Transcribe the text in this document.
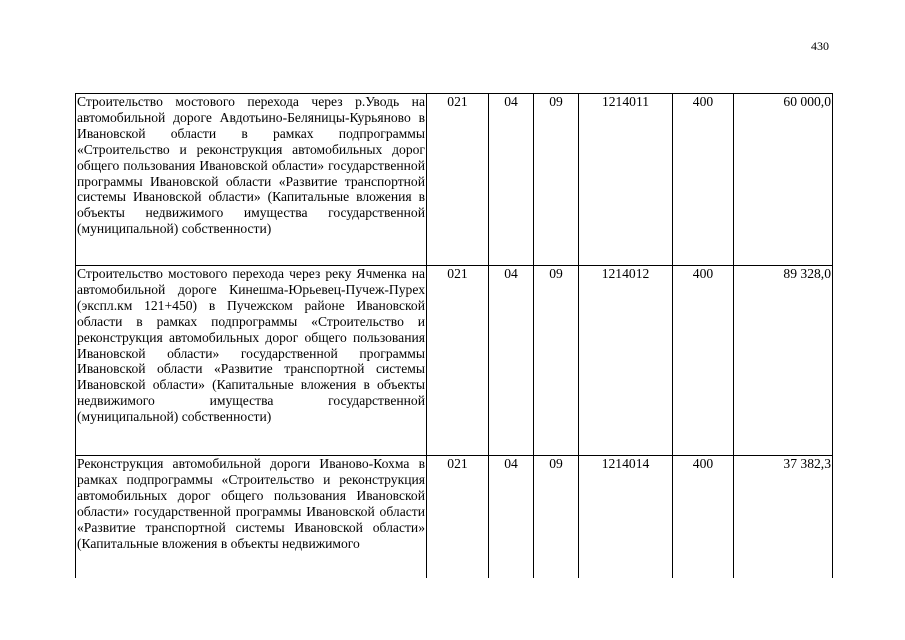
430
Строительство мостового перехода через р.Уводь на автомобильной дороге Авдотьино-Беляницы-Курьяново в Ивановской области в рамках подпрограммы «Строительство и реконструкция автомобильных дорог общего пользования Ивановской области» государственной программы Ивановской области «Развитие транспортной системы Ивановской области» (Капитальные вложения в объекты недвижимого имущества государственной (муниципальной) собственности)	021	04	09	1214011	400	60 000,0
Строительство мостового перехода через реку Ячменка на автомобильной дороге Кинешма-Юрьевец-Пучеж-Пурех (экспл.км 121+450) в Пучежском районе Ивановской области в рамках подпрограммы «Строительство и реконструкция автомобильных дорог общего пользования Ивановской области» государственной программы Ивановской области «Развитие транспортной системы Ивановской области» (Капитальные вложения в объекты недвижимого имущества государственной (муниципальной) собственности)	021	04	09	1214012	400	89 328,0
Реконструкция автомобильной дороги Иваново-Кохма в рамках подпрограммы «Строительство и реконструкция автомобильных дорог общего пользования Ивановской области» государственной программы Ивановской области «Развитие транспортной системы Ивановской области» (Капитальные вложения в объекты недвижимого	021	04	09	1214014	400	37 382,3
